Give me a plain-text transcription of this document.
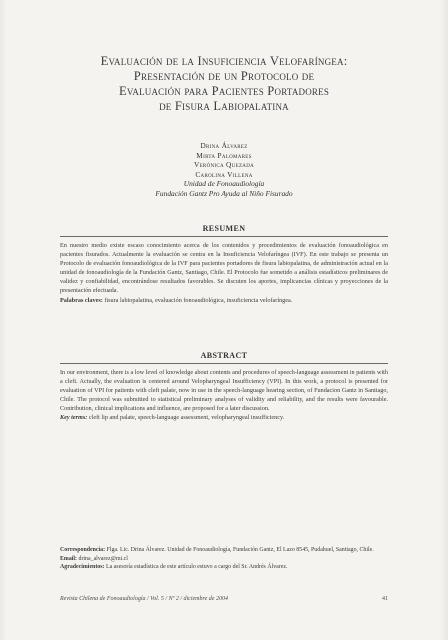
Evaluación de la Insuficiencia Velofaríngea:
Presentación de un Protocolo de
Evaluación para Pacientes Portadores
de Fisura Labiopalatina
Drina Álvarez
Mirta Palomares
Verónica Quezada
Carolina Villena
Unidad de Fonoaudiología
Fundación Gantz Pro Ayuda al Niño Fisurado
RESUMEN
En nuestro medio existe escaso conocimiento acerca de los contenidos y procedimientos de evaluación fonoaudiológica en pacientes fisurados. Actualmente la evaluación se centra en la Insuficiencia Velofaríngea (IVF). En este trabajo se presenta un Protocolo de evaluación fonoaudiológica de la IVF para pacientes portadores de fisura labiopalatina, de administración actual en la unidad de fonoaudiología de la Fundación Gantz, Santiago, Chile. El Protocolo fue sometido a análisis estadísticos preliminares de validez y confiabilidad, encontrándose resultados favorables. Se discuten los aportes, implicancias clínicas y proyecciones de la presentación efectuada.
Palabras claves: fisura labiopalatina, evaluación fonoaudiológica, insuficiencia velofaríngea.
ABSTRACT
In our environment, there is a low level of knowledge about contents and procedures of speech-language assessment in patients with a cleft. Actually, the evaluation is centered around Velopharyngeal Insufficiency (VPI). In this work, a protocol is presented for evaluation of VPI for patients with cleft palate, now in use in the speech-language hearing section, of Fundacion Gantz in Santiago, Chile. The protocol was submitted to statistical preliminary analyses of validity and reliability, and the results were favourable. Contribution, clinical implications and influence, are proposed for a later discussion.
Key terms: cleft lip and palate, speech-language assessment, velopharyngeal insufficiency.
Correspondencia: Flga. Lic. Drina Álvarez. Unidad de Fonoaudiología, Fundación Gantz, El Lazo 8545, Pudahuel, Santiago, Chile.
Email: drina_alvarez@mi.cl
Agradecimientos: La asesoría estadística de este artículo estuvo a cargo del Sr. Andrés Álvarez.
Revista Chilena de Fonoaudiología / Vol. 5 / Nº 2 / diciembre de 2004	41
